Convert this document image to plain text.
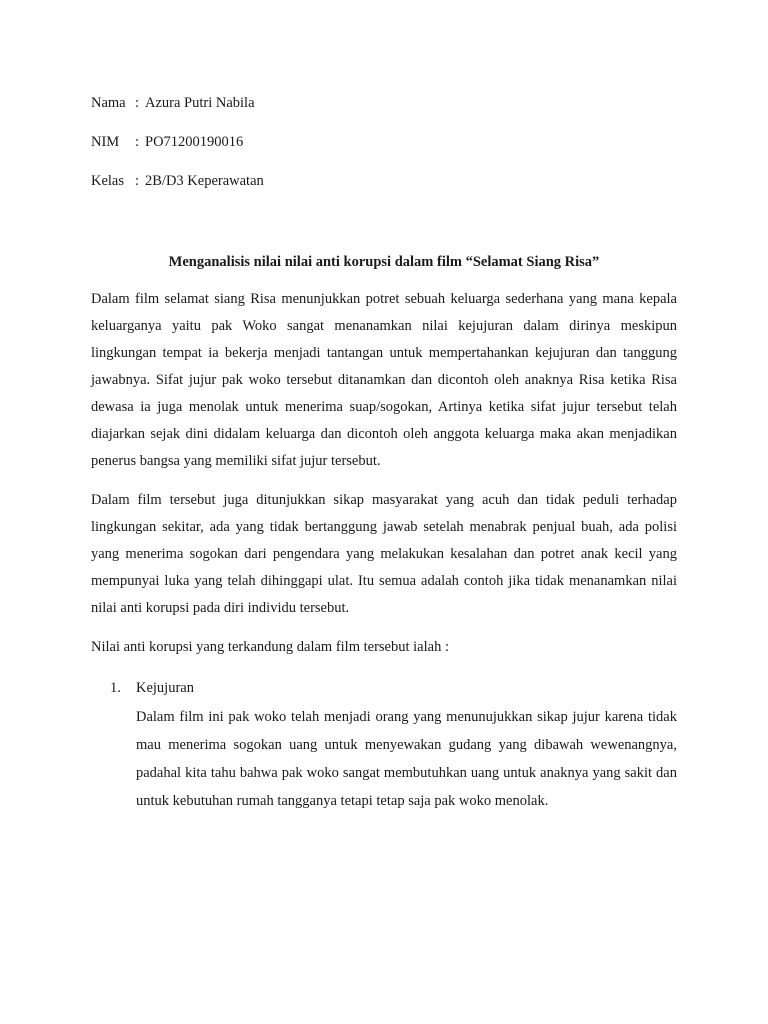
Nama : Azura Putri Nabila
NIM : PO71200190016
Kelas : 2B/D3 Keperawatan
Menganalisis nilai nilai anti korupsi dalam film “Selamat Siang Risa”
Dalam film selamat siang Risa menunjukkan potret sebuah keluarga sederhana yang mana kepala keluarganya yaitu pak Woko sangat menanamkan nilai kejujuran dalam dirinya meskipun lingkungan tempat ia bekerja menjadi tantangan untuk mempertahankan kejujuran dan tanggung jawabnya. Sifat jujur pak woko tersebut ditanamkan dan dicontoh oleh anaknya Risa ketika Risa dewasa ia juga menolak untuk menerima suap/sogokan, Artinya ketika sifat jujur tersebut telah diajarkan sejak dini didalam keluarga dan dicontoh oleh anggota keluarga maka akan menjadikan penerus bangsa yang memiliki sifat jujur tersebut.
Dalam film tersebut juga ditunjukkan sikap masyarakat yang acuh dan tidak peduli terhadap lingkungan sekitar, ada yang tidak bertanggung jawab setelah menabrak penjual buah, ada polisi yang menerima sogokan dari pengendara yang melakukan kesalahan dan potret anak kecil yang mempunyai luka yang telah dihinggapi ulat. Itu semua adalah contoh jika tidak menanamkan nilai nilai anti korupsi pada diri individu tersebut.
Nilai anti korupsi yang terkandung dalam film tersebut ialah :
1. Kejujuran
Dalam film ini pak woko telah menjadi orang yang menunujukkan sikap jujur karena tidak mau menerima sogokan uang untuk menyewakan gudang yang dibawah wewenangnya, padahal kita tahu bahwa pak woko sangat membutuhkan uang untuk anaknya yang sakit dan untuk kebutuhan rumah tangganya tetapi tetap saja pak woko menolak.
